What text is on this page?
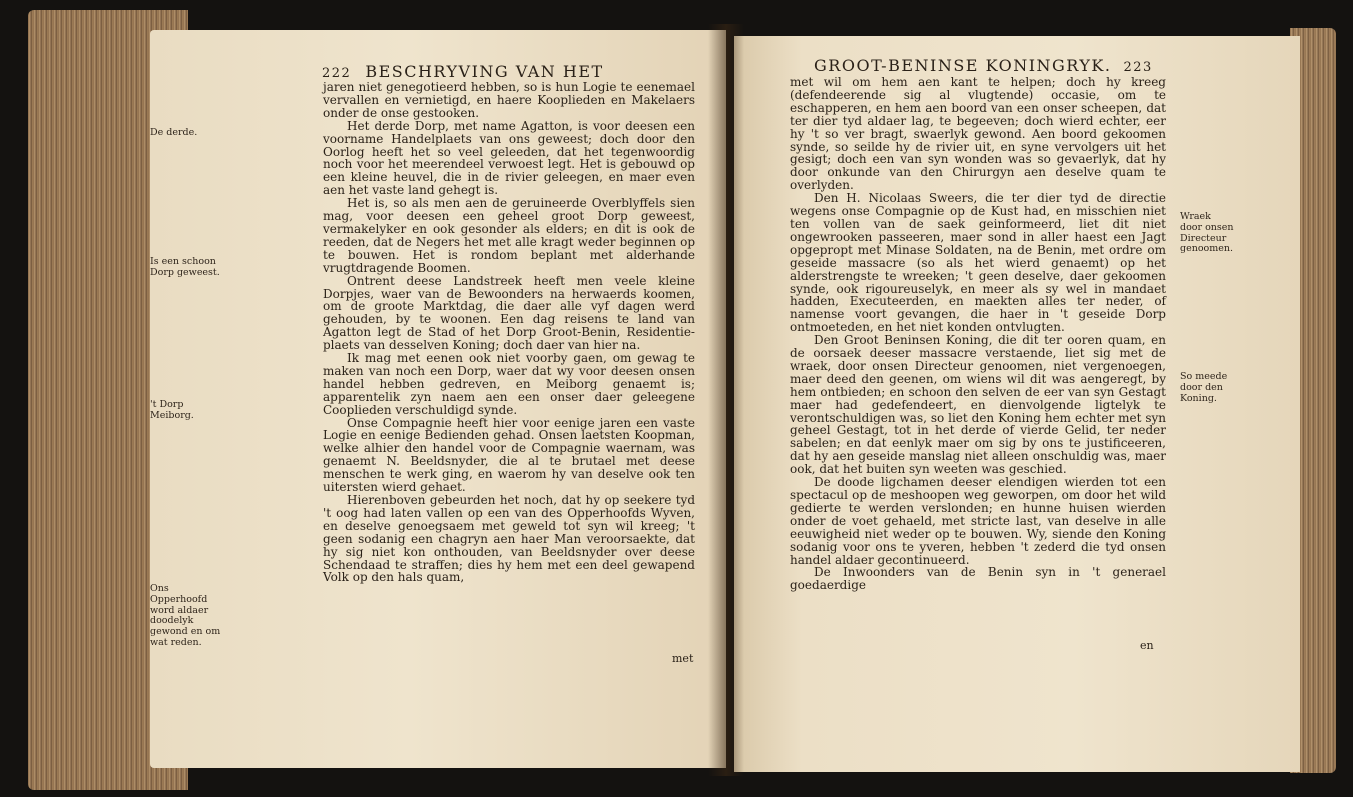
222 BESCHRYVING VAN HET
De derde.
Is een schoon Dorp geweest.
't Dorp Meiborg.
Ons Opperhoofd word aldaer doodelyk gewond en om wat reden.

jaren niet genegotieerd hebben, so is hun Logie te eenemael vervallen en vernietigd, en haere Kooplieden en Makelaers onder de onse gestooken.

Het derde Dorp, met name Agatton, is voor deesen een voorname Handelplaets van ons geweest; doch door den Oorlog heeft het so veel geleeden, dat het tegenwoordig noch voor het meerendeel verwoest legt. Het is gebouwd op een kleine heuvel, die in de rivier geleegen, en maer even aen het vaste land gehegt is.

Het is, so als men aen de geruineerde Overblyffels sien mag, voor deesen een geheel groot Dorp geweest, vermakelyker en ook gesonder als elders; en dit is ook de reeden, dat de Negers het met alle kragt weder beginnen op te bouwen. Het is rondom beplant met alderhande vrugtdragende Boomen.

Ontrent deese Landstreek heeft men veele kleine Dorpjes, waer van de Bewoonders na herwaerds koomen, om de groote Marktdag, die daer alle vyf dagen werd gehouden, by te woonen. Een dag reisens te land van Agatton legt de Stad of het Dorp Groot-Benin, Residentie-plaets van desselven Koning; doch daer van hier na.

Ik mag met eenen ook niet voorby gaen, om gewag te maken van noch een Dorp, waer dat wy voor deesen onsen handel hebben gedreven, en Meiborg genaemt is; apparentelik zyn naem aen een onser daer geleegene Cooplieden verschuldigd synde.

Onse Compagnie heeft hier voor eenige jaren een vaste Logie en eenige Bedienden gehad. Onsen laetsten Koopman, welke alhier den handel voor de Compagnie waernam, was genaemt N. Beeldsnyder, die al te brutael met deese menschen te werk ging, en waerom hy van deselve ook ten uitersten wierd gehaet.

Hierenboven gebeurden het noch, dat hy op seekere tyd 't oog had laten vallen op een van des Opperhoofds Wyven, en deselve genoegsaem met geweld tot syn wil kreeg; 't geen sodanig een chagryn aen haer Man veroorsaekte, dat hy sig niet kon onthouden, van Beeldsnyder over deese Schendaad te straffen; dies hy hem met een deel gewapend Volk op den hals quam,

met
GROOT-BENINSE KONINGRYK. 223
Wraek door onsen Directeur genoomen.
So meede door den Koning.

met wil om hem aen kant te helpen; doch hy kreeg (defendeerende sig al vlugtende) occasie, om te eschapperen, en hem aen boord van een onser scheepen, dat ter dier tyd aldaer lag, te begeeven; doch wierd echter, eer hy 't so ver bragt, swaerlyk gewond. Aen boord gekoomen synde, so seilde hy de rivier uit, en syne vervolgers uit het gesigt; doch een van syn wonden was so gevaerlyk, dat hy door onkunde van den Chirurgyn aen deselve quam te overlyden.

Den H. Nicolaas Sweers, die ter dier tyd de directie wegens onse Compagnie op de Kust had, en misschien niet ten vollen van de saek geinformeerd, liet dit niet ongewrooken passeeren, maer sond in aller haest een Jagt opgepropt met Minase Soldaten, na de Benin, met ordre om geseide massacre (so als het wierd genaemt) op het alderstrengste te wreeken; 't geen deselve, daer gekoomen synde, ook rigoureuselyk, en meer als sy wel in mandaet hadden, Executeerden, en maekten alles ter neder, of namense voort gevangen, die haer in 't geseide Dorp ontmoeteden, en het niet konden ontvlugten.

Den Groot Beninsen Koning, die dit ter ooren quam, en de oorsaek deeser massacre verstaende, liet sig met de wraek, door onsen Directeur genoomen, niet vergenoegen, maer deed den geenen, om wiens wil dit was aengeregt, by hem ontbieden; en schoon den selven de eer van syn Gestagt maer had gedefendeert, en dienvolgende ligtelyk te verontschuldigen was, so liet den Koning hem echter met syn geheel Gestagt, tot in het derde of vierde Gelid, ter neder sabelen; en dat eenlyk maer om sig by ons te justificeeren, dat hy aen geseide manslag niet alleen onschuldig was, maer ook, dat het buiten syn weeten was geschied.

De doode ligchamen deeser elendigen wierden tot een spectacul op de meshoopen weg geworpen, om door het wild gedierte te werden verslonden; en hunne huisen wierden onder de voet gehaeld, met stricte last, van deselve in alle eeuwigheid niet weder op te bouwen. Wy, siende den Koning sodanig voor ons te yveren, hebben 't zederd die tyd onsen handel aldaer gecontinueerd.

De Inwoonders van de Benin syn in 't generael goedaerdige

en
